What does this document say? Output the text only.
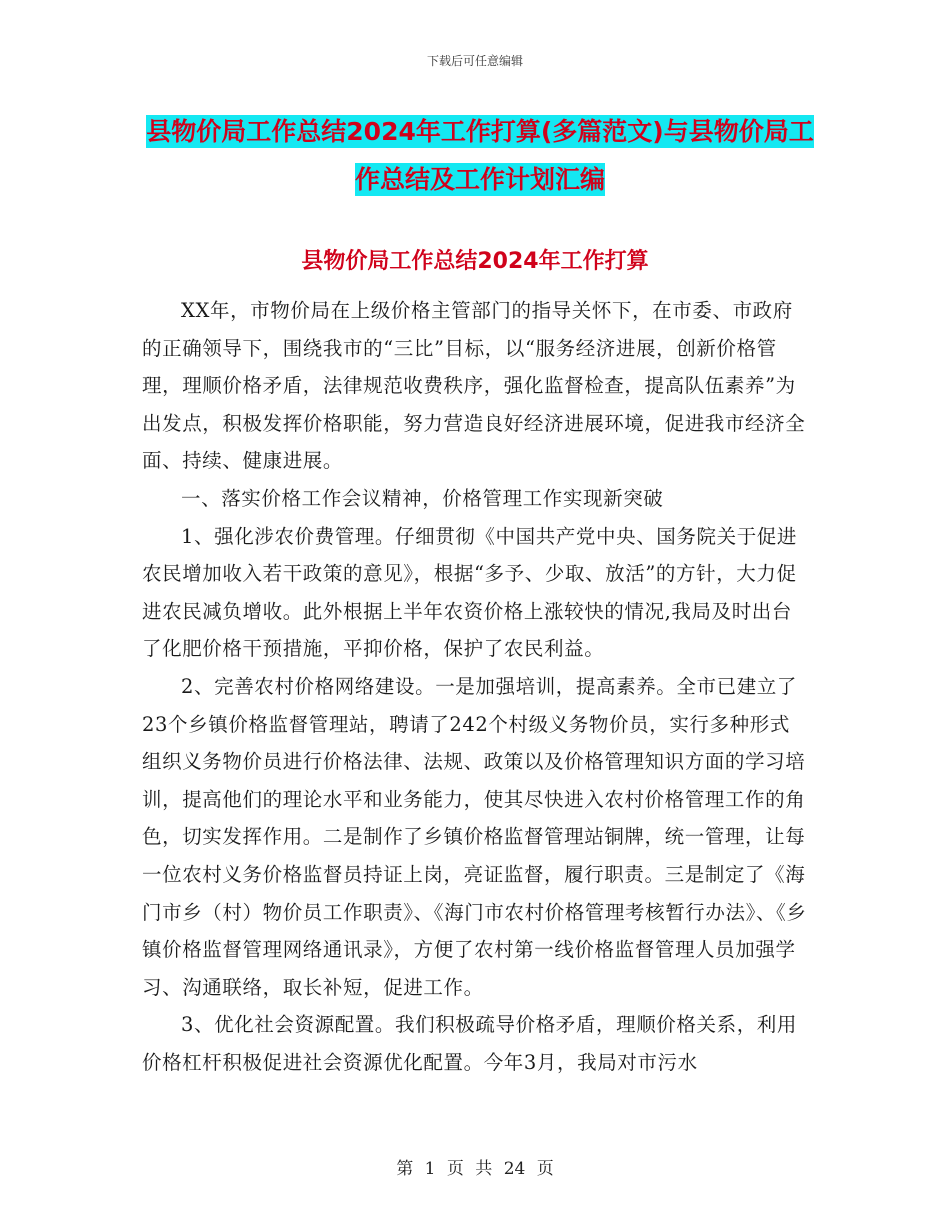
下载后可任意编辑
县物价局工作总结2024年工作打算(多篇范文)与县物价局工作总结及工作计划汇编
县物价局工作总结2024年工作打算

XX年，市物价局在上级价格主管部门的指导关怀下，在市委、市政府的正确领导下，围绕我市的“三比”目标，以“服务经济进展，创新价格管理，理顺价格矛盾，法律规范收费秩序，强化监督检查，提高队伍素养”为出发点，积极发挥价格职能，努力营造良好经济进展环境，促进我市经济全面、持续、健康进展。

一、落实价格工作会议精神，价格管理工作实现新突破

1、强化涉农价费管理。仔细贯彻《中国共产党中央、国务院关于促进农民增加收入若干政策的意见》，根据“多予、少取、放活”的方针，大力促进农民减负增收。此外根据上半年农资价格上涨较快的情况,我局及时出台了化肥价格干预措施，平抑价格，保护了农民利益。

2、完善农村价格网络建设。一是加强培训，提高素养。全市已建立了23个乡镇价格监督管理站，聘请了242个村级义务物价员，实行多种形式组织义务物价员进行价格法律、法规、政策以及价格管理知识方面的学习培训，提高他们的理论水平和业务能力，使其尽快进入农村价格管理工作的角色，切实发挥作用。二是制作了乡镇价格监督管理站铜牌，统一管理，让每一位农村义务价格监督员持证上岗，亮证监督，履行职责。三是制定了《海门市乡（村）物价员工作职责》、《海门市农村价格管理考核暂行办法》、《乡镇价格监督管理网络通讯录》，方便了农村第一线价格监督管理人员加强学习、沟通联络，取长补短，促进工作。

3、优化社会资源配置。我们积极疏导价格矛盾，理顺价格关系，利用价格杠杆积极促进社会资源优化配置。今年3月，我局对市污水

第 1 页 共 24 页
